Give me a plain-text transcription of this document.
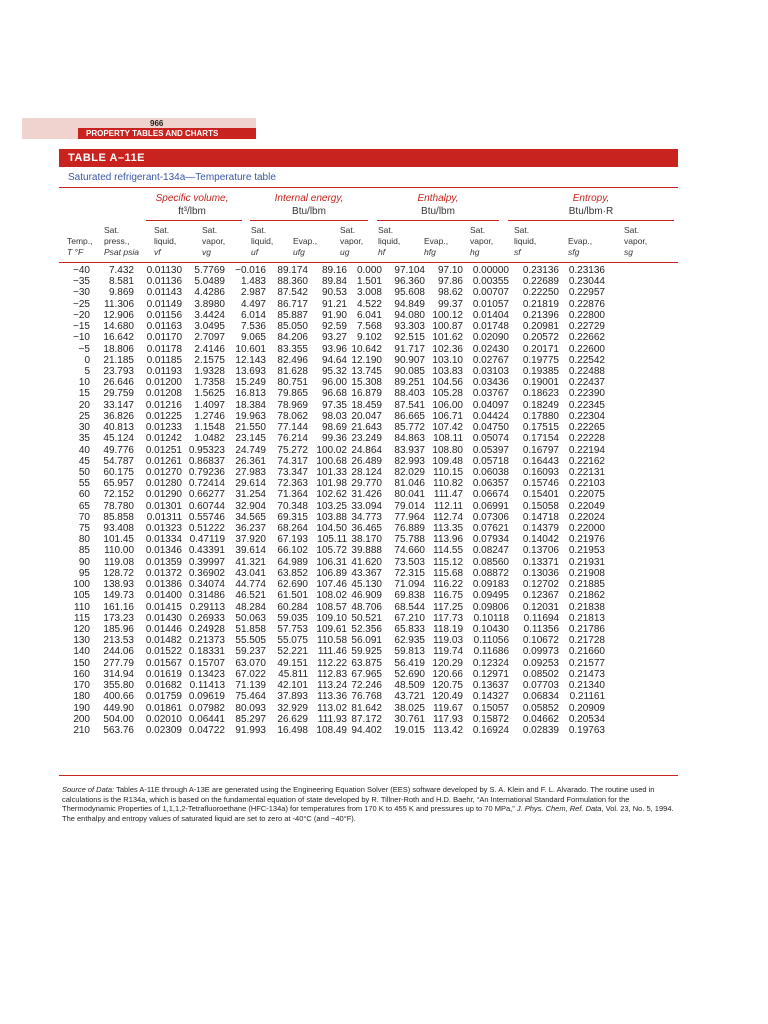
966
PROPERTY TABLES AND CHARTS
TABLE A–11E
Saturated refrigerant-134a—Temperature table
Specific volume,
ft³/lbm
Internal energy,
Btu/lbm
Enthalpy,
Btu/lbm
Entropy,
Btu/lbm·R
Temp.,
T °F
Sat.
press.,
Psat psia
Sat.
liquid,
vf
Sat.
vapor,
vg
Sat.
liquid,
uf

Evap.,
ufg
Sat.
vapor,
ug
Sat.
liquid,
hf

Evap.,
hfg
Sat.
vapor,
hg
Sat.
liquid,
sf

Evap.,
sfg
Sat.
vapor,
sg
−40	7.432	0.01130	5.7769	−0.016	89.174	89.16	0.000	97.104	97.10	0.00000	0.23136	0.23136
−35	8.581	0.01136	5.0489	1.483	88.360	89.84	1.501	96.360	97.86	0.00355	0.22689	0.23044
−30	9.869	0.01143	4.4286	2.987	87.542	90.53	3.008	95.608	98.62	0.00707	0.22250	0.22957
−25	11.306	0.01149	3.8980	4.497	86.717	91.21	4.522	94.849	99.37	0.01057	0.21819	0.22876
−20	12.906	0.01156	3.4424	6.014	85.887	91.90	6.041	94.080	100.12	0.01404	0.21396	0.22800
−15	14.680	0.01163	3.0495	7.536	85.050	92.59	7.568	93.303	100.87	0.01748	0.20981	0.22729
−10	16.642	0.01170	2.7097	9.065	84.206	93.27	9.102	92.515	101.62	0.02090	0.20572	0.22662
−5	18.806	0.01178	2.4146	10.601	83.355	93.96	10.642	91.717	102.36	0.02430	0.20171	0.22600
0	21.185	0.01185	2.1575	12.143	82.496	94.64	12.190	90.907	103.10	0.02767	0.19775	0.22542
5	23.793	0.01193	1.9328	13.693	81.628	95.32	13.745	90.085	103.83	0.03103	0.19385	0.22488
10	26.646	0.01200	1.7358	15.249	80.751	96.00	15.308	89.251	104.56	0.03436	0.19001	0.22437
15	29.759	0.01208	1.5625	16.813	79.865	96.68	16.879	88.403	105.28	0.03767	0.18623	0.22390
20	33.147	0.01216	1.4097	18.384	78.969	97.35	18.459	87.541	106.00	0.04097	0.18249	0.22345
25	36.826	0.01225	1.2746	19.963	78.062	98.03	20.047	86.665	106.71	0.04424	0.17880	0.22304
30	40.813	0.01233	1.1548	21.550	77.144	98.69	21.643	85.772	107.42	0.04750	0.17515	0.22265
35	45.124	0.01242	1.0482	23.145	76.214	99.36	23.249	84.863	108.11	0.05074	0.17154	0.22228
40	49.776	0.01251	0.95323	24.749	75.272	100.02	24.864	83.937	108.80	0.05397	0.16797	0.22194
45	54.787	0.01261	0.86837	26.361	74.317	100.68	26.489	82.993	109.48	0.05718	0.16443	0.22162
50	60.175	0.01270	0.79236	27.983	73.347	101.33	28.124	82.029	110.15	0.06038	0.16093	0.22131
55	65.957	0.01280	0.72414	29.614	72.363	101.98	29.770	81.046	110.82	0.06357	0.15746	0.22103
60	72.152	0.01290	0.66277	31.254	71.364	102.62	31.426	80.041	111.47	0.06674	0.15401	0.22075
65	78.780	0.01301	0.60744	32.904	70.348	103.25	33.094	79.014	112.11	0.06991	0.15058	0.22049
70	85.858	0.01311	0.55746	34.565	69.315	103.88	34.773	77.964	112.74	0.07306	0.14718	0.22024
75	93.408	0.01323	0.51222	36.237	68.264	104.50	36.465	76.889	113.35	0.07621	0.14379	0.22000
80	101.45	0.01334	0.47119	37.920	67.193	105.11	38.170	75.788	113.96	0.07934	0.14042	0.21976
85	110.00	0.01346	0.43391	39.614	66.102	105.72	39.888	74.660	114.55	0.08247	0.13706	0.21953
90	119.08	0.01359	0.39997	41.321	64.989	106.31	41.620	73.503	115.12	0.08560	0.13371	0.21931
95	128.72	0.01372	0.36902	43.041	63.852	106.89	43.367	72.315	115.68	0.08872	0.13036	0.21908
100	138.93	0.01386	0.34074	44.774	62.690	107.46	45.130	71.094	116.22	0.09183	0.12702	0.21885
105	149.73	0.01400	0.31486	46.521	61.501	108.02	46.909	69.838	116.75	0.09495	0.12367	0.21862
110	161.16	0.01415	0.29113	48.284	60.284	108.57	48.706	68.544	117.25	0.09806	0.12031	0.21838
115	173.23	0.01430	0.26933	50.063	59.035	109.10	50.521	67.210	117.73	0.10118	0.11694	0.21813
120	185.96	0.01446	0.24928	51.858	57.753	109.61	52.356	65.833	118.19	0.10430	0.11356	0.21786
130	213.53	0.01482	0.21373	55.505	55.075	110.58	56.091	62.935	119.03	0.11056	0.10672	0.21728
140	244.06	0.01522	0.18331	59.237	52.221	111.46	59.925	59.813	119.74	0.11686	0.09973	0.21660
150	277.79	0.01567	0.15707	63.070	49.151	112.22	63.875	56.419	120.29	0.12324	0.09253	0.21577
160	314.94	0.01619	0.13423	67.022	45.811	112.83	67.965	52.690	120.66	0.12971	0.08502	0.21473
170	355.80	0.01682	0.11413	71.139	42.101	113.24	72.246	48.509	120.75	0.13637	0.07703	0.21340
180	400.66	0.01759	0.09619	75.464	37.893	113.36	76.768	43.721	120.49	0.14327	0.06834	0.21161
190	449.90	0.01861	0.07982	80.093	32.929	113.02	81.642	38.025	119.67	0.15057	0.05852	0.20909
200	504.00	0.02010	0.06441	85.297	26.629	111.93	87.172	30.761	117.93	0.15872	0.04662	0.20534
210	563.76	0.02309	0.04722	91.993	16.498	108.49	94.402	19.015	113.42	0.16924	0.02839	0.19763
Source of Data: Tables A-11E through A-13E are generated using the Engineering Equation Solver (EES) software developed by S. A. Klein and F. L. Alvarado. The routine used in calculations is the R134a, which is based on the fundamental equation of state developed by R. Tillner-Roth and H.D. Baehr, “An International Standard Formulation for the Thermodynamic Properties of 1,1,1,2-Tetrafluoroethane (HFC-134a) for temperatures from 170 K to 455 K and pressures up to 70 MPa,” J. Phys. Chem, Ref. Data, Vol. 23, No. 5, 1994. The enthalpy and entropy values of saturated liquid are set to zero at -40°C (and −40°F).
